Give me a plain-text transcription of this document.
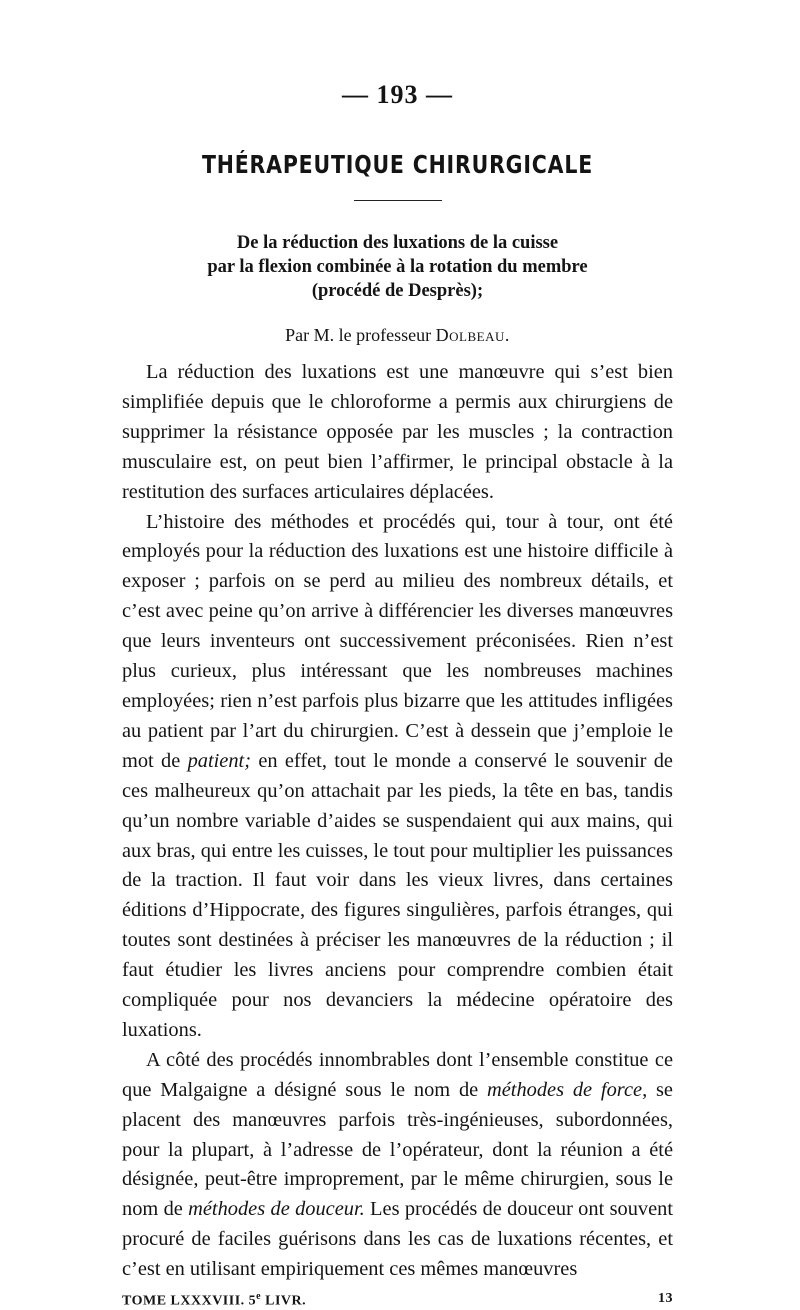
— 193 —
THÉRAPEUTIQUE CHIRURGICALE
De la réduction des luxations de la cuisse
par la flexion combinée à la rotation du membre
(procédé de Desprès);
Par M. le professeur Dolbeau.

La réduction des luxations est une manœuvre qui s’est bien simplifiée depuis que le chloroforme a permis aux chirurgiens de supprimer la résistance opposée par les muscles ; la contraction musculaire est, on peut bien l’affirmer, le principal obstacle à la restitution des surfaces articulaires déplacées.

L’histoire des méthodes et procédés qui, tour à tour, ont été employés pour la réduction des luxations est une histoire difficile à exposer ; parfois on se perd au milieu des nombreux détails, et c’est avec peine qu’on arrive à différencier les diverses manœuvres que leurs inventeurs ont successivement préconisées. Rien n’est plus curieux, plus intéressant que les nombreuses machines employées; rien n’est parfois plus bizarre que les attitudes infligées au patient par l’art du chirurgien. C’est à dessein que j’emploie le mot de patient; en effet, tout le monde a conservé le souvenir de ces malheureux qu’on attachait par les pieds, la tête en bas, tandis qu’un nombre variable d’aides se suspendaient qui aux mains, qui aux bras, qui entre les cuisses, le tout pour multiplier les puissances de la traction. Il faut voir dans les vieux livres, dans certaines éditions d’Hippocrate, des figures singulières, parfois étranges, qui toutes sont destinées à préciser les manœuvres de la réduction ; il faut étudier les livres anciens pour comprendre combien était compliquée pour nos devanciers la médecine opératoire des luxations.

A côté des procédés innombrables dont l’ensemble constitue ce que Malgaigne a désigné sous le nom de méthodes de force, se placent des manœuvres parfois très-ingénieuses, subordonnées, pour la plupart, à l’adresse de l’opérateur, dont la réunion a été désignée, peut-être improprement, par le même chirurgien, sous le nom de méthodes de douceur. Les procédés de douceur ont souvent procuré de faciles guérisons dans les cas de luxations récentes, et c’est en utilisant empiriquement ces mêmes manœuvres

TOME LXXXVIII. 5e LIVR.	13
